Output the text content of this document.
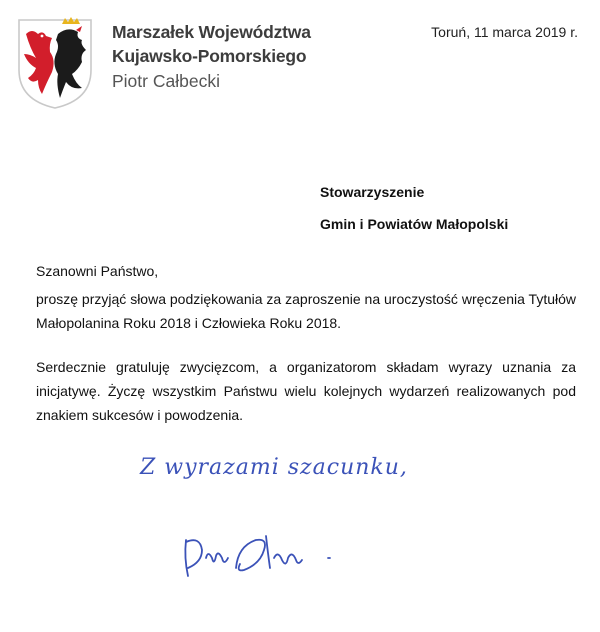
Marszałek Województwa
Kujawsko-Pomorskiego
Piotr Całbecki
Toruń, 11 marca 2019 r.
Stowarzyszenie
Gmin i Powiatów Małopolski

Szanowni Państwo,

proszę przyjąć słowa podziękowania za zaproszenie na uroczystość wręczenia Tytułów Małopolanina Roku 2018 i Człowieka Roku 2018.

Serdecznie gratuluję zwycięzcom, a organizatorom składam wyrazy uznania za inicjatywę. Życzę wszystkim Państwu wielu kolejnych wydarzeń realizowanych pod znakiem sukcesów i powodzenia.

Z wyrazami szacunku,
